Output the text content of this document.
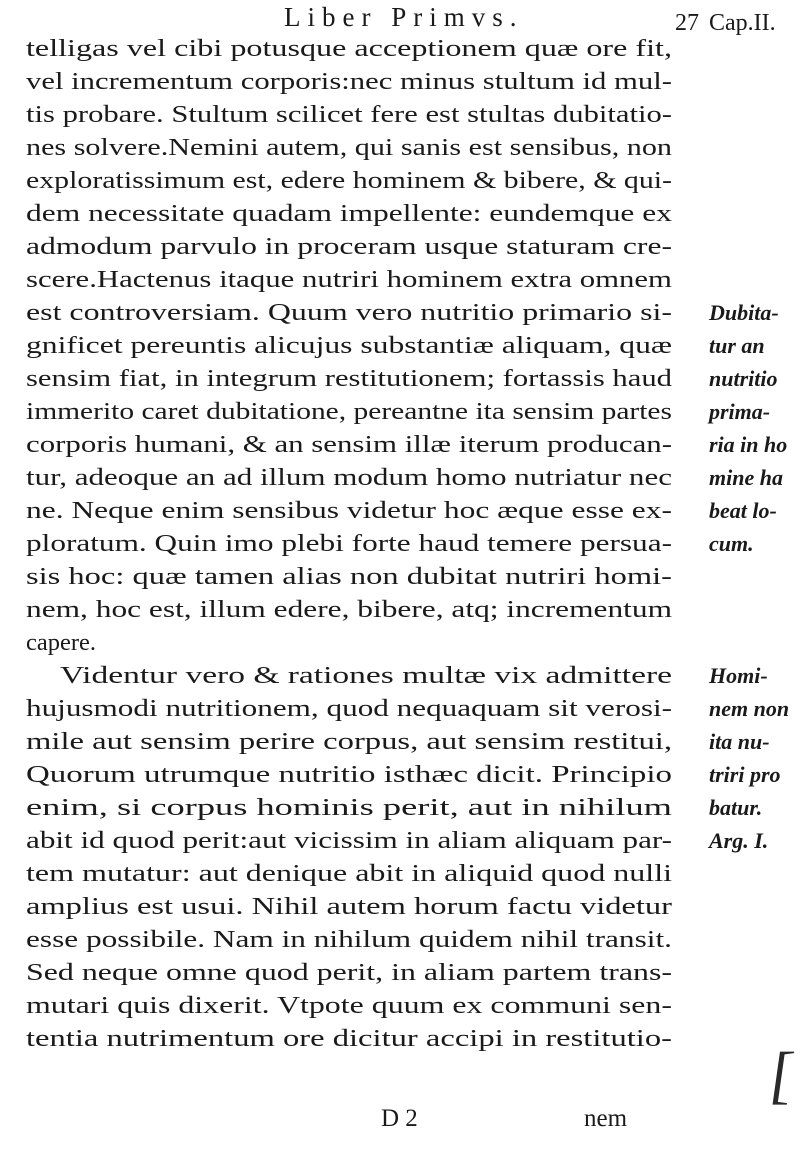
Liber Primvs.	27 Cap.II.
telligas vel cibi potusque acceptionem quæ ore fit,
vel incrementum corporis:nec minus stultum id mul-
tis probare. Stultum scilicet fere est stultas dubitatio-
nes solvere.Nemini autem, qui sanis est sensibus, non
exploratissimum est, edere hominem & bibere, & qui-
dem necessitate quadam impellente: eundemque ex
admodum parvulo in proceram usque staturam cre-
scere.Hactenus itaque nutriri hominem extra omnem
est controversiam. Quum vero nutritio primario si-
gnificet pereuntis alicujus substantiæ aliquam, quæ
sensim fiat, in integrum restitutionem; fortassis haud
immerito caret dubitatione, pereantne ita sensim partes
corporis humani, & an sensim illæ iterum producan-
tur, adeoque an ad illum modum homo nutriatur nec
ne. Neque enim sensibus videtur hoc æque esse ex-
ploratum. Quin imo plebi forte haud temere persua-
sis hoc: quæ tamen alias non dubitat nutriri homi-
nem, hoc est, illum edere, bibere, atq; incrementum
capere.
Videntur vero & rationes multæ vix admittere
hujusmodi nutritionem, quod nequaquam sit verosi-
mile aut sensim perire corpus, aut sensim restitui,
Quorum utrumque nutritio isthæc dicit. Principio
enim, si corpus hominis perit, aut in nihilum
abit id quod perit:aut vicissim in aliam aliquam par-
tem mutatur: aut denique abit in aliquid quod nulli
amplius est usui. Nihil autem horum factu videtur
esse possibile. Nam in nihilum quidem nihil transit.
Sed neque omne quod perit, in aliam partem trans-
mutari quis dixerit. Vtpote quum ex communi sen-
tentia nutrimentum ore dicitur accipi in restitutio-
Dubita-
tur an
nutritio
prima-
ria in ho
mine ha
beat lo-
cum.
Homi-
nem non
ita nu-
triri pro
batur.
Arg. I.
D 2	nem
[
